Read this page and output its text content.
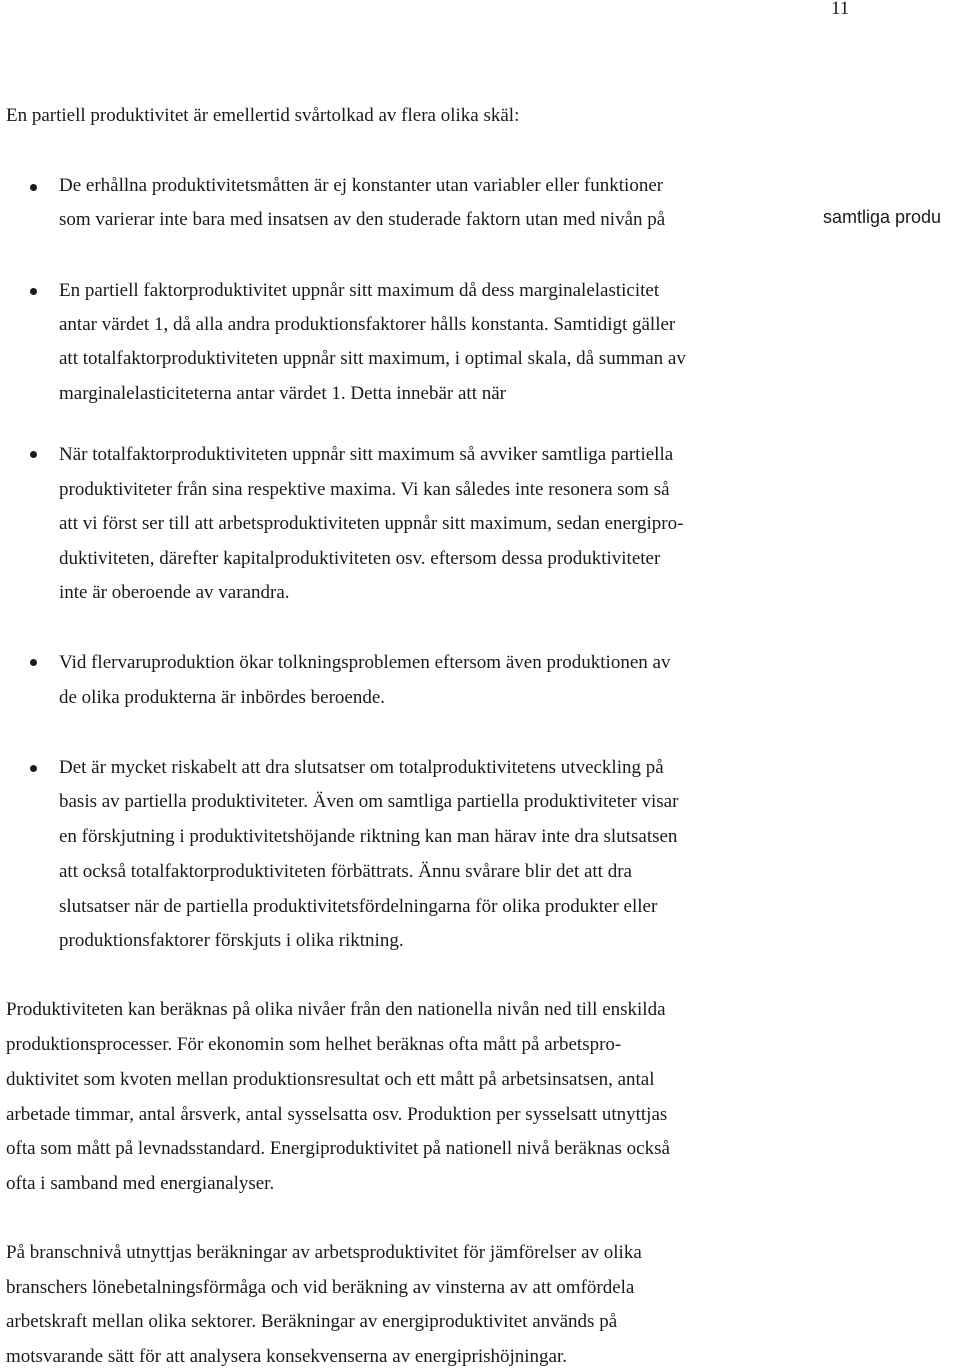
11
En partiell produktivitet är emellertid svårtolkad av flera olika skäl:
De erhållna produktivitetsmåtten är ej konstanter utan variabler eller funktioner
som varierar inte bara med insatsen av den studerade faktorn utan med nivån på	samtliga produ
En partiell faktorproduktivitet uppnår sitt maximum då dess marginalelasticitet
antar värdet 1, då alla andra produktionsfaktorer hålls konstanta. Samtidigt gäller
att totalfaktorproduktiviteten uppnår sitt maximum, i optimal skala, då summan av
marginalelasticiteterna antar värdet 1. Detta innebär att när
När totalfaktorproduktiviteten uppnår sitt maximum så avviker samtliga partiella
produktiviteter från sina respektive maxima. Vi kan således inte resonera som så
att vi först ser till att arbetsproduktiviteten uppnår sitt maximum, sedan energipro-
duktiviteten, därefter kapitalproduktiviteten osv. eftersom dessa produktiviteter
inte är oberoende av varandra.
Vid flervaruproduktion ökar tolkningsproblemen eftersom även produktionen av
de olika produkterna är inbördes beroende.
Det är mycket riskabelt att dra slutsatser om totalproduktivitetens utveckling på
basis av partiella produktiviteter. Även om samtliga partiella produktiviteter visar
en förskjutning i produktivitetshöjande riktning kan man härav inte dra slutsatsen
att också totalfaktorproduktiviteten förbättrats. Ännu svårare blir det att dra
slutsatser när de partiella produktivitetsfördelningarna för olika produkter eller
produktionsfaktorer förskjuts i olika riktning.
Produktiviteten kan beräknas på olika nivåer från den nationella nivån ned till enskilda
produktionsprocesser. För ekonomin som helhet beräknas ofta mått på arbetspro-
duktivitet som kvoten mellan produktionsresultat och ett mått på arbetsinsatsen, antal
arbetade timmar, antal årsverk, antal sysselsatta osv. Produktion per sysselsatt utnyttjas
ofta som mått på levnadsstandard. Energiproduktivitet på nationell nivå beräknas också
ofta i samband med energianalyser.
På branschnivå utnyttjas beräkningar av arbetsproduktivitet för jämförelser av olika
branschers lönebetalningsförmåga och vid beräkning av vinsterna av att omfördela
arbetskraft mellan olika sektorer. Beräkningar av energiproduktivitet används på
motsvarande sätt för att analysera konsekvenserna av energiprishöjningar.
